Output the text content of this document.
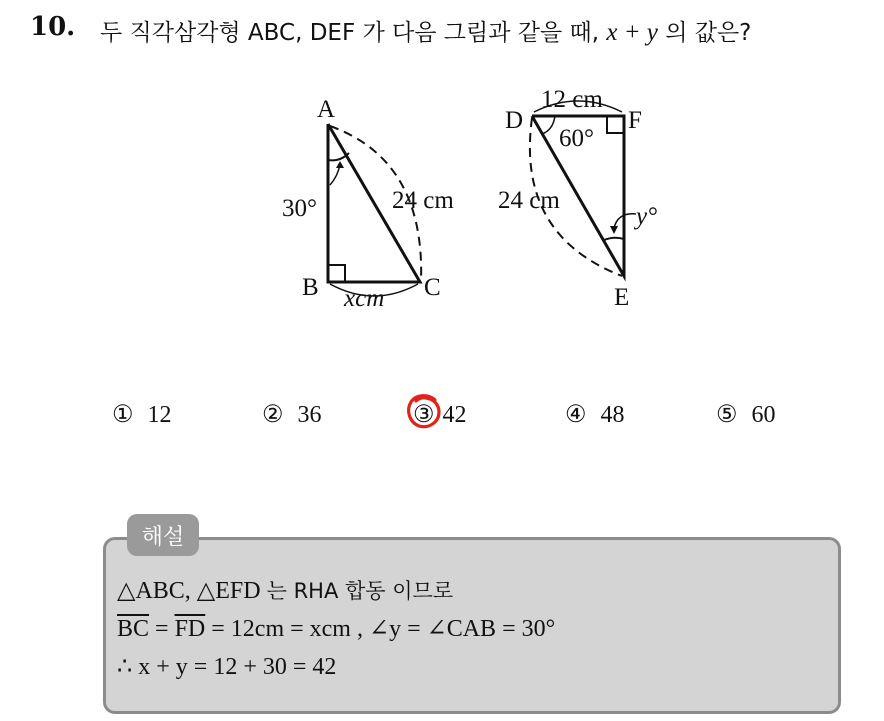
10. 두 직각삼각형 ABC, DEF 가 다음 그림과 같을 때, x + y 의 값은?
A
B	C
D
E
F
30°	24 cm
xcm
12 cm
60°
24 cm
y°
① 12	② 36	③ 42	④ 48	⑤ 60
해설
△ABC, △EFD 는 RHA 합동 이므로
$\overline{BC} = \overline{FD} = 12cm$ = xcm , ∠y = ∠CAB = 30°
∴ x + y = 12 + 30 = 42
